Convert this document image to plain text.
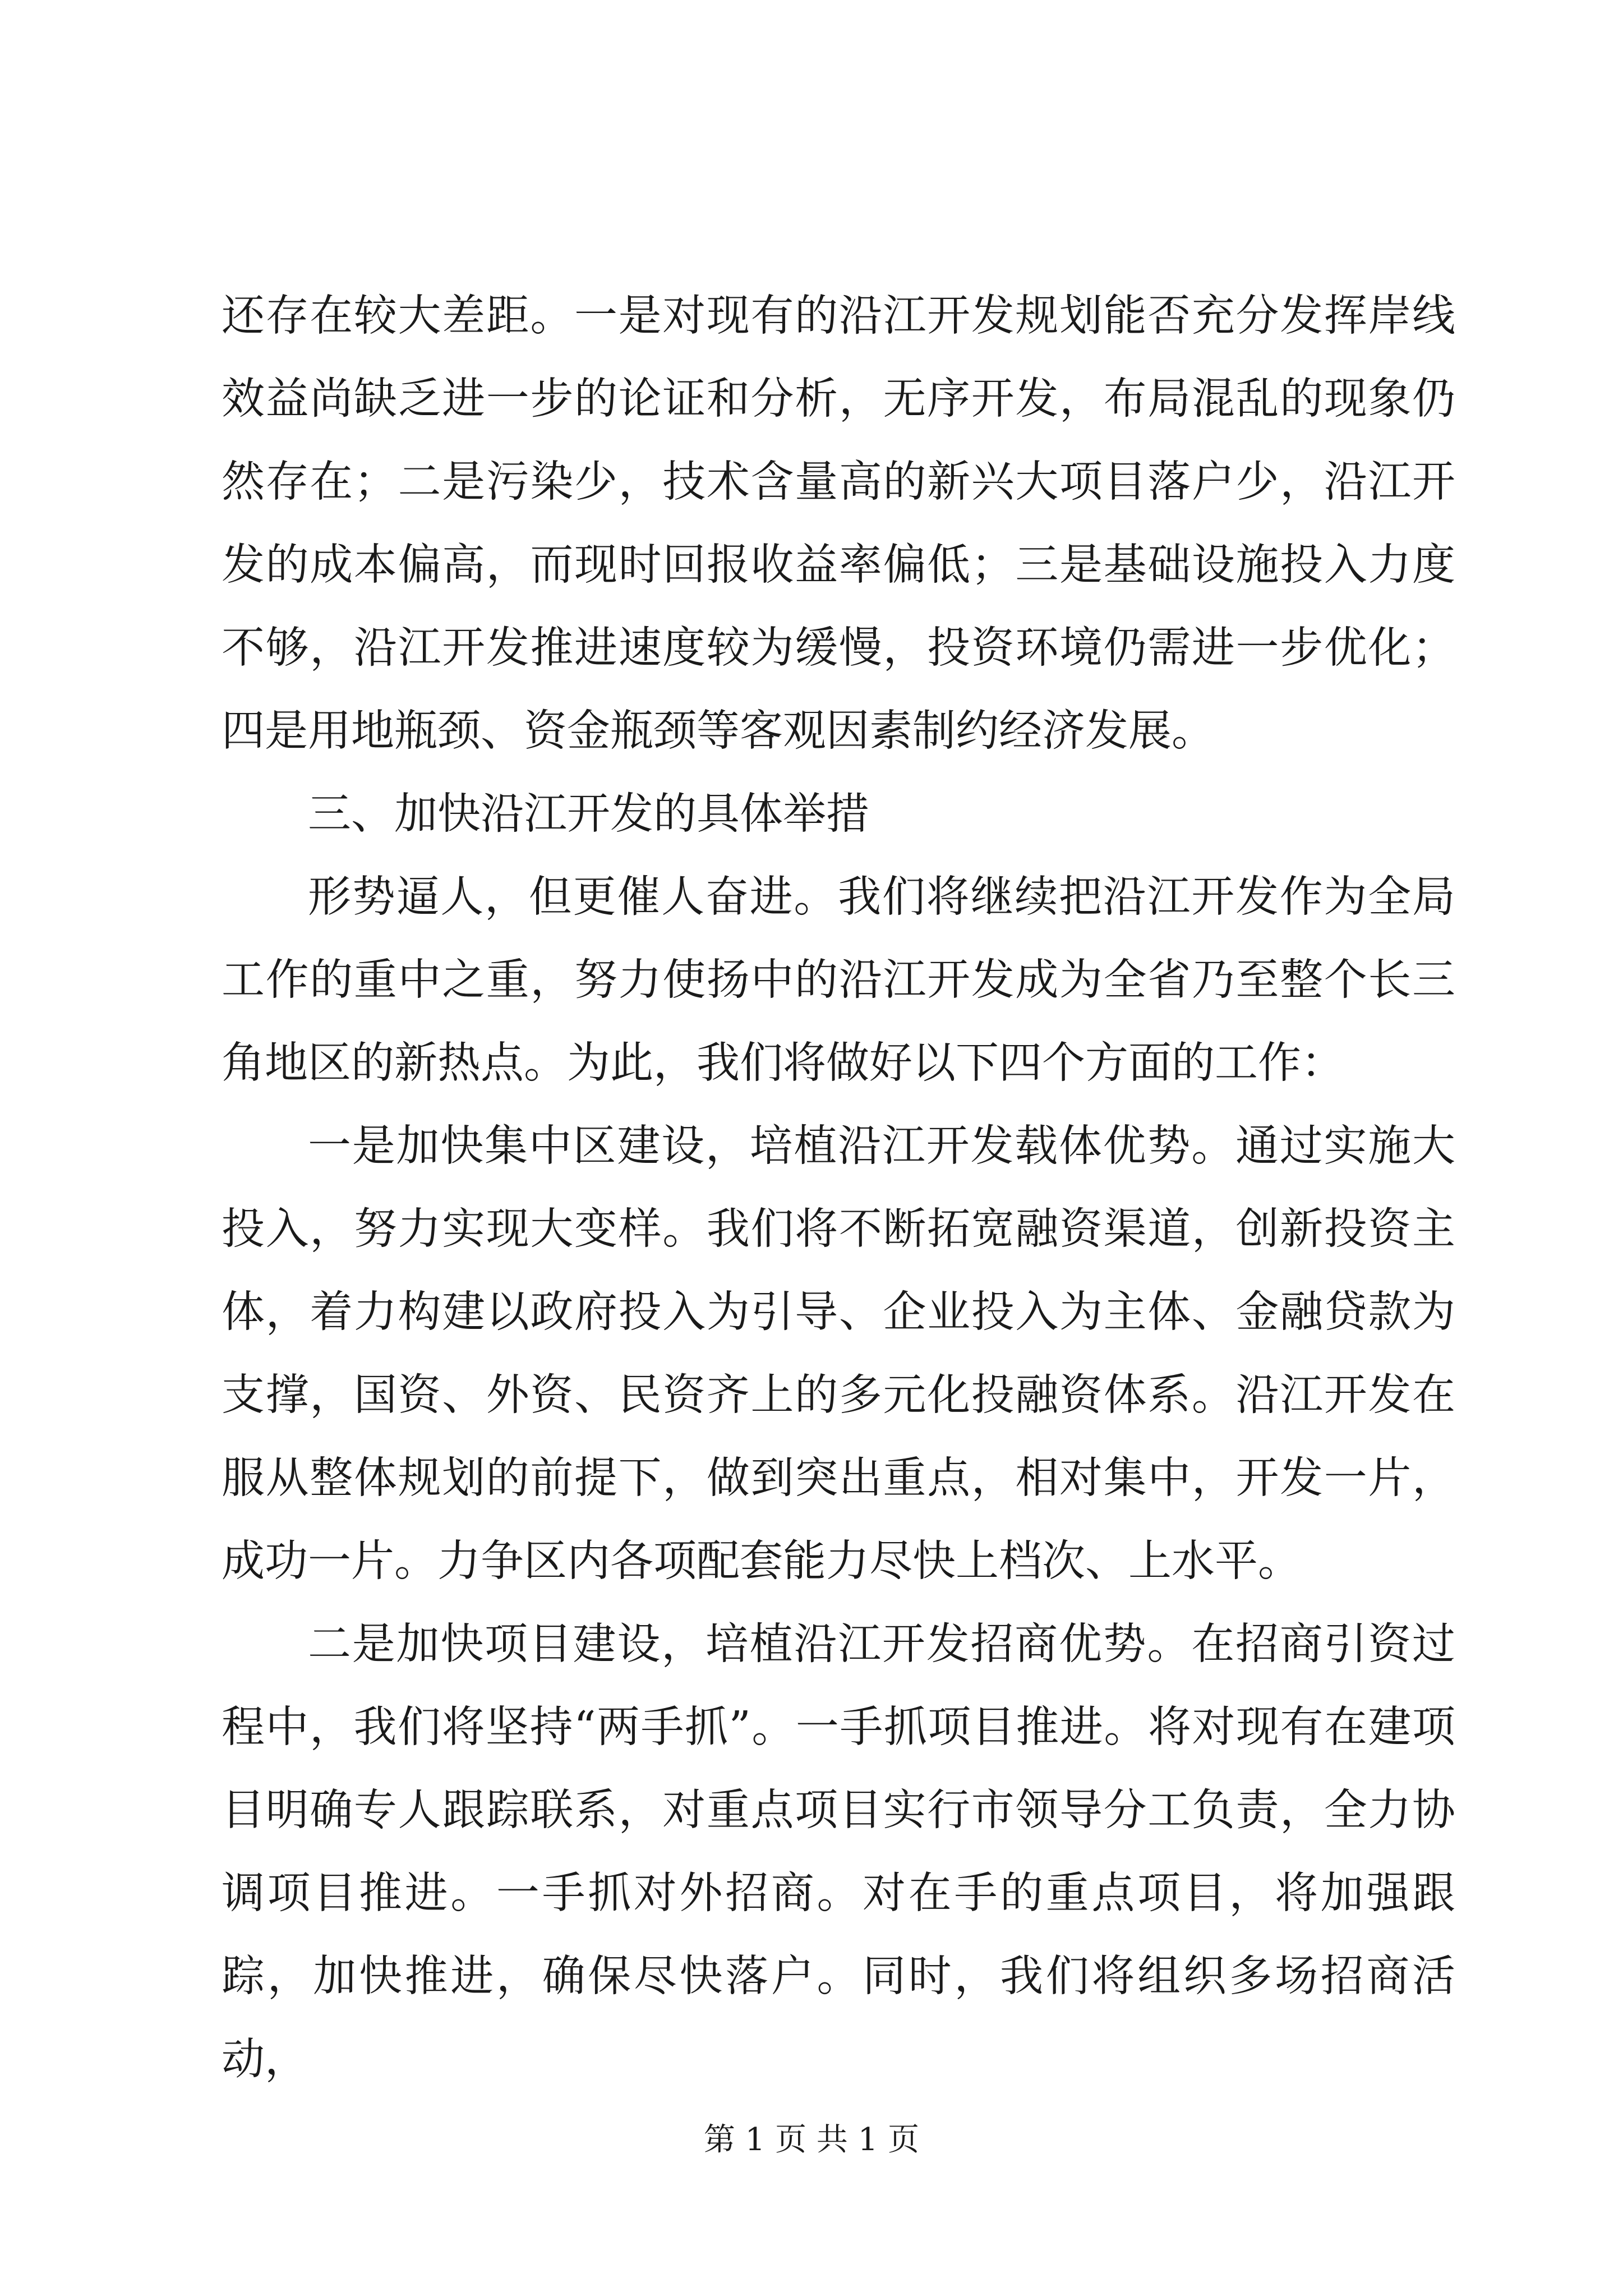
还存在较大差距。一是对现有的沿江开发规划能否充分发挥岸线效益尚缺乏进一步的论证和分析，无序开发，布局混乱的现象仍然存在；二是污染少，技术含量高的新兴大项目落户少，沿江开发的成本偏高，而现时回报收益率偏低；三是基础设施投入力度不够，沿江开发推进速度较为缓慢，投资环境仍需进一步优化；四是用地瓶颈、资金瓶颈等客观因素制约经济发展。

三、加快沿江开发的具体举措

形势逼人，但更催人奋进。我们将继续把沿江开发作为全局工作的重中之重，努力使扬中的沿江开发成为全省乃至整个长三角地区的新热点。为此，我们将做好以下四个方面的工作：

一是加快集中区建设，培植沿江开发载体优势。通过实施大投入，努力实现大变样。我们将不断拓宽融资渠道，创新投资主体，着力构建以政府投入为引导、企业投入为主体、金融贷款为支撑，国资、外资、民资齐上的多元化投融资体系。沿江开发在服从整体规划的前提下，做到突出重点，相对集中，开发一片，成功一片。力争区内各项配套能力尽快上档次、上水平。

二是加快项目建设，培植沿江开发招商优势。在招商引资过程中，我们将坚持“两手抓”。一手抓项目推进。将对现有在建项目明确专人跟踪联系，对重点项目实行市领导分工负责，全力协调项目推进。一手抓对外招商。对在手的重点项目，将加强跟踪，加快推进，确保尽快落户。同时，我们将组织多场招商活动，

第 1 页 共 1 页
